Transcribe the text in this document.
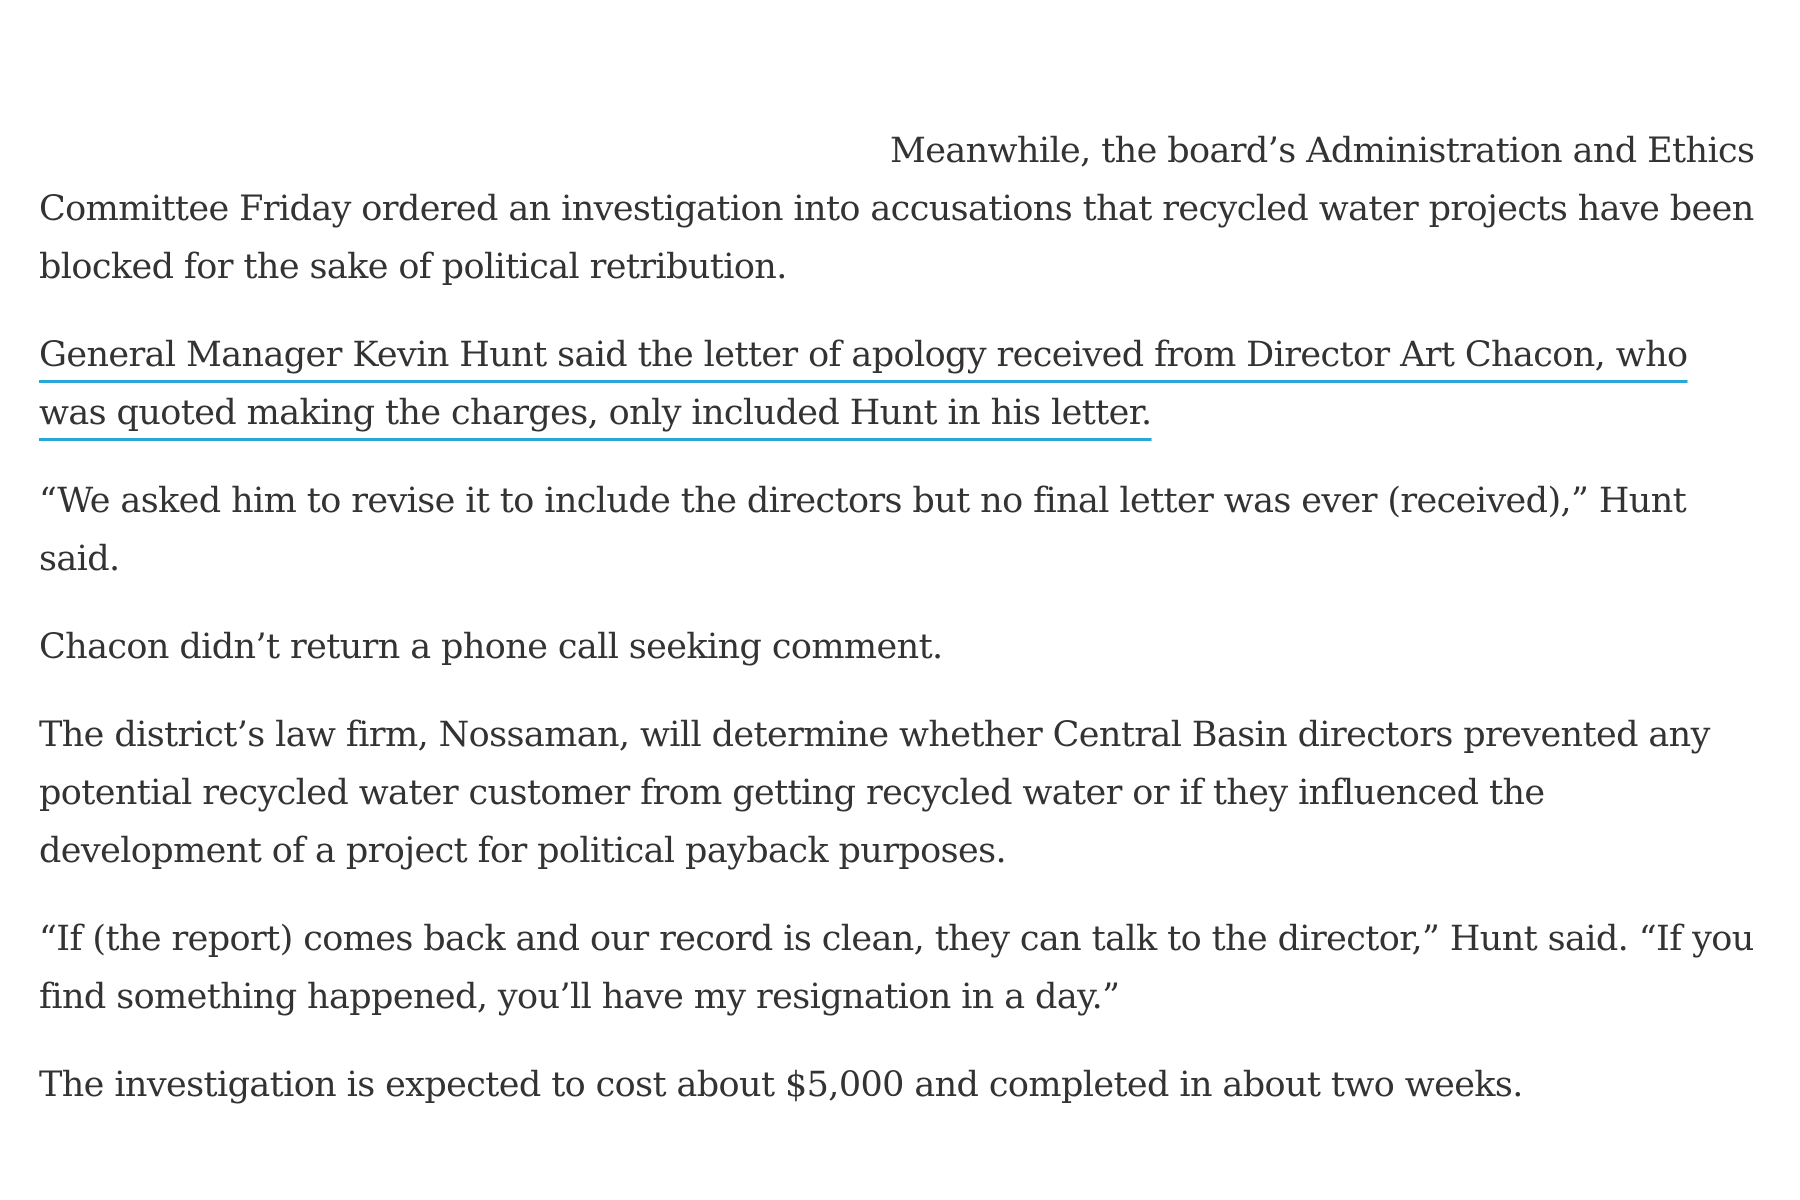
Meanwhile, the board’s Administration and Ethics Committee Friday ordered an investigation into accusations that recycled water projects have been blocked for the sake of political retribution.

General Manager Kevin Hunt said the letter of apology received from Director Art Chacon, who was quoted making the charges, only included Hunt in his letter.

“We asked him to revise it to include the directors but no final letter was ever (received),” Hunt said.

Chacon didn’t return a phone call seeking comment.

The district’s law firm, Nossaman, will determine whether Central Basin directors prevented any potential recycled water customer from getting recycled water or if they influenced the development of a project for political payback purposes.

“If (the report) comes back and our record is clean, they can talk to the director,” Hunt said. “If you find something happened, you’ll have my resignation in a day.”

The investigation is expected to cost about $5,000 and completed in about two weeks.
